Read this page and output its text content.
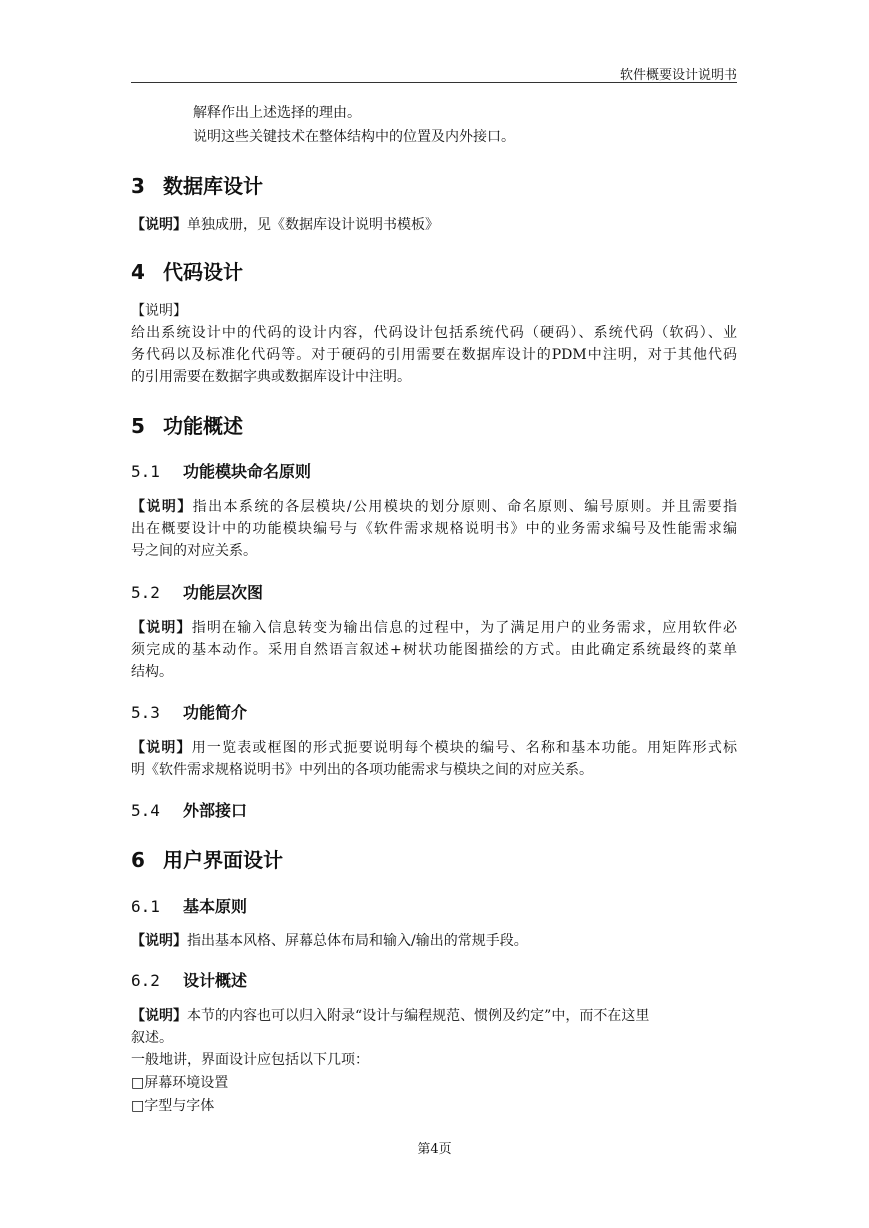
软件概要设计说明书
解释作出上述选择的理由。
说明这些关键技术在整体结构中的位置及内外接口。
3 数据库设计
【说明】单独成册，见《数据库设计说明书模板》
4 代码设计
【说明】
给出系统设计中的代码的设计内容，代码设计包括系统代码（硬码）、系统代码（软码）、业
务代码以及标准化代码等。对于硬码的引用需要在数据库设计的PDM中注明，对于其他代码
的引用需要在数据字典或数据库设计中注明。
5 功能概述
5.1 功能模块命名原则
【说明】指出本系统的各层模块/公用模块的划分原则、命名原则、编号原则。并且需要指
出在概要设计中的功能模块编号与《软件需求规格说明书》中的业务需求编号及性能需求编
号之间的对应关系。
5.2 功能层次图
【说明】指明在输入信息转变为输出信息的过程中，为了满足用户的业务需求，应用软件必
须完成的基本动作。采用自然语言叙述+树状功能图描绘的方式。由此确定系统最终的菜单
结构。
5.3 功能简介
【说明】用一览表或框图的形式扼要说明每个模块的编号、名称和基本功能。用矩阵形式标
明《软件需求规格说明书》中列出的各项功能需求与模块之间的对应关系。
5.4 外部接口
6 用户界面设计
6.1 基本原则
【说明】指出基本风格、屏幕总体布局和输入/输出的常规手段。
6.2 设计概述
【说明】本节的内容也可以归入附录“设计与编程规范、惯例及约定”中，而不在这里
叙述。
一般地讲，界面设计应包括以下几项：
□屏幕环境设置
□字型与字体
第4页
